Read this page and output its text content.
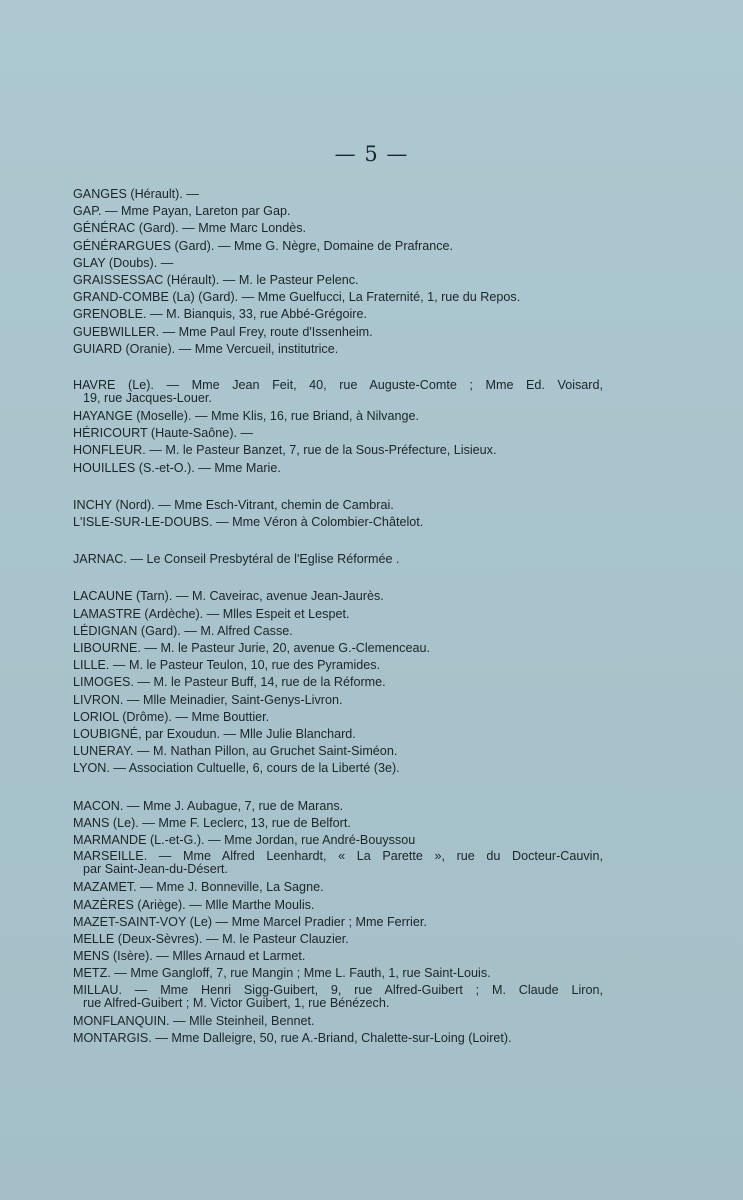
— 5 —
GANGES (Hérault). —
GAP. — Mme Payan, Lareton par Gap.
GÉNÉRAC (Gard). — Mme Marc Londès.
GÉNÉRARGUES (Gard). — Mme G. Nègre, Domaine de Prafrance.
GLAY (Doubs). —
GRAISSESSAC (Hérault). — M. le Pasteur Pelenc.
GRAND-COMBE (La) (Gard). — Mme Guelfucci, La Fraternité, 1, rue du Repos.
GRENOBLE. — M. Bianquis, 33, rue Abbé-Grégoire.
GUEBWILLER. — Mme Paul Frey, route d'Issenheim.
GUIARD (Oranie). — Mme Vercueil, institutrice.
HAVRE (Le). — Mme Jean Feit, 40, rue Auguste-Comte ; Mme Ed. Voisard,
19, rue Jacques-Louer.
HAYANGE (Moselle). — Mme Klis, 16, rue Briand, à Nilvange.
HÉRICOURT (Haute-Saône). —
HONFLEUR. — M. le Pasteur Banzet, 7, rue de la Sous-Préfecture, Lisieux.
HOUILLES (S.-et-O.). — Mme Marie.
INCHY (Nord). — Mme Esch-Vitrant, chemin de Cambrai.
L'ISLE-SUR-LE-DOUBS. — Mme Véron à Colombier-Châtelot.
JARNAC. — Le Conseil Presbytéral de l'Eglise Réformée .
LACAUNE (Tarn). — M. Caveirac, avenue Jean-Jaurès.
LAMASTRE (Ardèche). — Mlles Espeit et Lespet.
LÉDIGNAN (Gard). — M. Alfred Casse.
LIBOURNE. — M. le Pasteur Jurie, 20, avenue G.-Clemenceau.
LILLE. — M. le Pasteur Teulon, 10, rue des Pyramides.
LIMOGES. — M. le Pasteur Buff, 14, rue de la Réforme.
LIVRON. — Mlle Meinadier, Saint-Genys-Livron.
LORIOL (Drôme). — Mme Bouttier.
LOUBIGNÉ, par Exoudun. — Mlle Julie Blanchard.
LUNERAY. — M. Nathan Pillon, au Gruchet Saint-Siméon.
LYON. — Association Cultuelle, 6, cours de la Liberté (3e).
MACON. — Mme J. Aubague, 7, rue de Marans.
MANS (Le). — Mme F. Leclerc, 13, rue de Belfort.
MARMANDE (L.-et-G.). — Mme Jordan, rue André-Bouyssou
MARSEILLE. — Mme Alfred Leenhardt, « La Parette », rue du Docteur-Cauvin,
par Saint-Jean-du-Désert.
MAZAMET. — Mme J. Bonneville, La Sagne.
MAZÈRES (Ariège). — Mlle Marthe Moulis.
MAZET-SAINT-VOY (Le) — Mme Marcel Pradier ; Mme Ferrier.
MELLE (Deux-Sèvres). — M. le Pasteur Clauzier.
MENS (Isère). — Mlles Arnaud et Larmet.
METZ. — Mme Gangloff, 7, rue Mangin ; Mme L. Fauth, 1, rue Saint-Louis.
MILLAU. — Mme Henri Sigg-Guibert, 9, rue Alfred-Guibert ; M. Claude Liron,
rue Alfred-Guibert ; M. Victor Guibert, 1, rue Bénézech.
MONFLANQUIN. — Mlle Steinheil, Bennet.
MONTARGIS. — Mme Dalleigre, 50, rue A.-Briand, Chalette-sur-Loing (Loiret).
